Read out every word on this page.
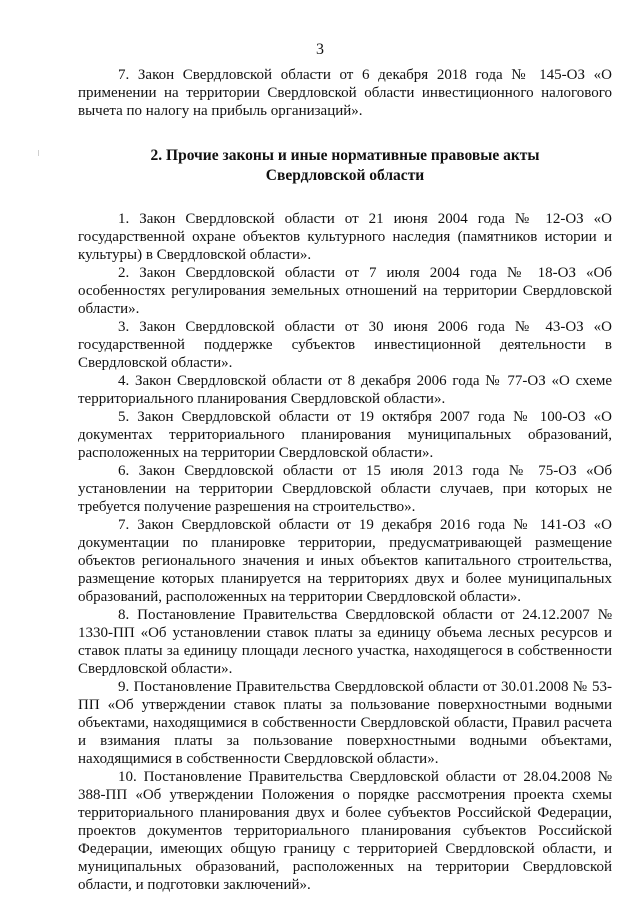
3

7. Закон Свердловской области от 6 декабря 2018 года № 145-ОЗ «О применении на территории Свердловской области инвестиционного налогового вычета по налогу на прибыль организаций».

2. Прочие законы и иные нормативные правовые акты
Свердловской области

1. Закон Свердловской области от 21 июня 2004 года № 12-ОЗ «О государственной охране объектов культурного наследия (памятников истории и культуры) в Свердловской области».

2. Закон Свердловской области от 7 июля 2004 года № 18-ОЗ «Об особенностях регулирования земельных отношений на территории Свердловской области».

3. Закон Свердловской области от 30 июня 2006 года № 43-ОЗ «О государственной поддержке субъектов инвестиционной деятельности в Свердловской области».

4. Закон Свердловской области от 8 декабря 2006 года № 77-ОЗ «О схеме территориального планирования Свердловской области».

5. Закон Свердловской области от 19 октября 2007 года № 100-ОЗ «О документах территориального планирования муниципальных образований, расположенных на территории Свердловской области».

6. Закон Свердловской области от 15 июля 2013 года № 75-ОЗ «Об установлении на территории Свердловской области случаев, при которых не требуется получение разрешения на строительство».

7. Закон Свердловской области от 19 декабря 2016 года № 141-ОЗ «О документации по планировке территории, предусматривающей размещение объектов регионального значения и иных объектов капитального строительства, размещение которых планируется на территориях двух и более муниципальных образований, расположенных на территории Свердловской области».

8. Постановление Правительства Свердловской области от 24.12.2007 № 1330-ПП «Об установлении ставок платы за единицу объема лесных ресурсов и ставок платы за единицу площади лесного участка, находящегося в собственности Свердловской области».

9. Постановление Правительства Свердловской области от 30.01.2008 № 53-ПП «Об утверждении ставок платы за пользование поверхностными водными объектами, находящимися в собственности Свердловской области, Правил расчета и взимания платы за пользование поверхностными водными объектами, находящимися в собственности Свердловской области».

10. Постановление Правительства Свердловской области от 28.04.2008 № 388-ПП «Об утверждении Положения о порядке рассмотрения проекта схемы территориального планирования двух и более субъектов Российской Федерации, проектов документов территориального планирования субъектов Российской Федерации, имеющих общую границу с территорией Свердловской области, и муниципальных образований, расположенных на территории Свердловской области, и подготовки заключений».
